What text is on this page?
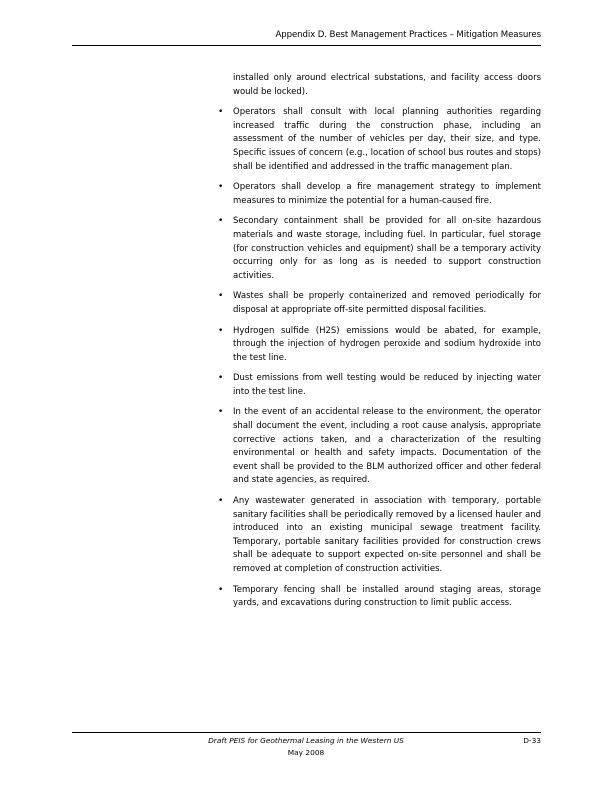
Appendix D. Best Management Practices – Mitigation Measures

installed only around electrical substations, and facility access doors would be locked).

• Operators shall consult with local planning authorities regarding increased traffic during the construction phase, including an assessment of the number of vehicles per day, their size, and type. Specific issues of concern (e.g., location of school bus routes and stops) shall be identified and addressed in the traffic management plan.
• Operators shall develop a fire management strategy to implement measures to minimize the potential for a human-caused fire.
• Secondary containment shall be provided for all on-site hazardous materials and waste storage, including fuel. In particular, fuel storage (for construction vehicles and equipment) shall be a temporary activity occurring only for as long as is needed to support construction activities.
• Wastes shall be properly containerized and removed periodically for disposal at appropriate off-site permitted disposal facilities.
• Hydrogen sulfide (H2S) emissions would be abated, for example, through the injection of hydrogen peroxide and sodium hydroxide into the test line.
• Dust emissions from well testing would be reduced by injecting water into the test line.
• In the event of an accidental release to the environment, the operator shall document the event, including a root cause analysis, appropriate corrective actions taken, and a characterization of the resulting environmental or health and safety impacts. Documentation of the event shall be provided to the BLM authorized officer and other federal and state agencies, as required.
• Any wastewater generated in association with temporary, portable sanitary facilities shall be periodically removed by a licensed hauler and introduced into an existing municipal sewage treatment facility. Temporary, portable sanitary facilities provided for construction crews shall be adequate to support expected on-site personnel and shall be removed at completion of construction activities.
• Temporary fencing shall be installed around staging areas, storage yards, and excavations during construction to limit public access.
Draft PEIS for Geothermal Leasing in the Western US
May 2008
D-33
